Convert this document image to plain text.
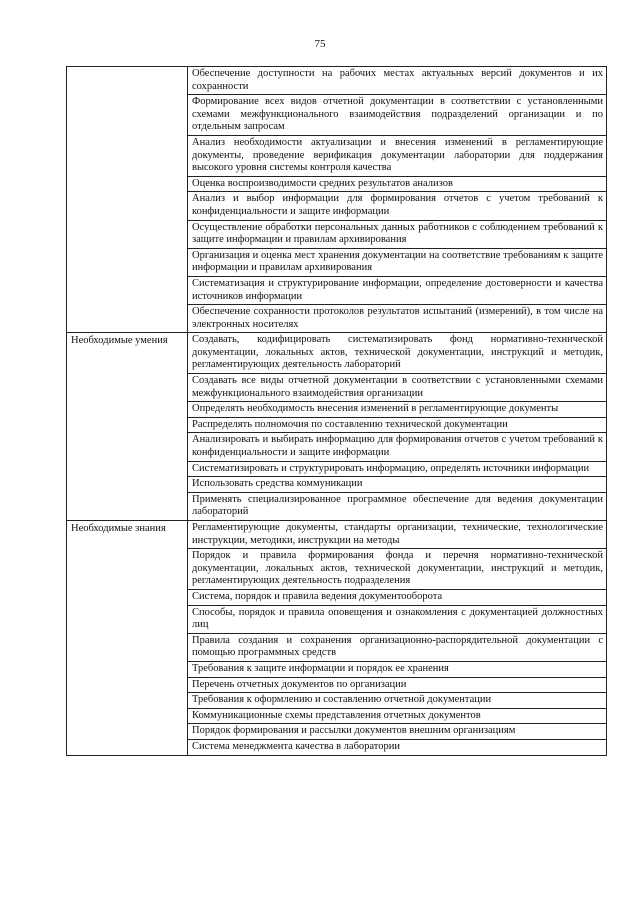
75
	Обеспечение доступности на рабочих местах актуальных версий документов и их сохранности
	Формирование всех видов отчетной документации в соответствии с установленными схемами межфункционального взаимодействия подразделений организации и по отдельным запросам
	Анализ необходимости актуализации и внесения изменений в регламентирующие документы, проведение верификация документации лаборатории для поддержания высокого уровня системы контроля качества
	Оценка воспроизводимости средних результатов анализов
	Анализ и выбор информации для формирования отчетов с учетом требований к конфиденциальности и защите информации
	Осуществление обработки персональных данных работников с соблюдением требований к защите информации и правилам архивирования
	Организация и оценка мест хранения документации на соответствие требованиям к защите информации и правилам архивирования
	Систематизация и структурирование информации, определение достоверности и качества источников информации
	Обеспечение сохранности протоколов результатов испытаний (измерений), в том числе на электронных носителях
Необходимые умения	Создавать, кодифицировать систематизировать фонд нормативно-технической документации, локальных актов, технической документации, инструкций и методик, регламентирующих деятельность лабораторий
	Создавать все виды отчетной документации в соответствии с установленными схемами межфункционального взаимодействия организации
	Определять необходимость внесения изменений в регламентирующие документы
	Распределять полномочия по составлению технической документации
	Анализировать и выбирать информацию для формирования отчетов с учетом требований к конфиденциальности и защите информации
	Систематизировать и структурировать информацию, определять источники информации
	Использовать средства коммуникации
	Применять специализированное программное обеспечение для ведения документации лабораторий
Необходимые знания	Регламентирующие документы, стандарты организации, технические, технологические инструкции, методики, инструкции на методы
	Порядок и правила формирования фонда и перечня нормативно-технической документации, локальных актов, технической документации, инструкций и методик, регламентирующих деятельность подразделения
	Система, порядок и правила ведения документооборота
	Способы, порядок и правила оповещения и ознакомления с документацией должностных лиц
	Правила создания и сохранения организационно-распорядительной документации с помощью программных средств
	Требования к защите информации и порядок ее хранения
	Перечень отчетных документов по организации
	Требования к оформлению и составлению отчетной документации
	Коммуникационные схемы представления отчетных документов
	Порядок формирования и рассылки документов внешним организациям
	Система менеджмента качества в лаборатории
